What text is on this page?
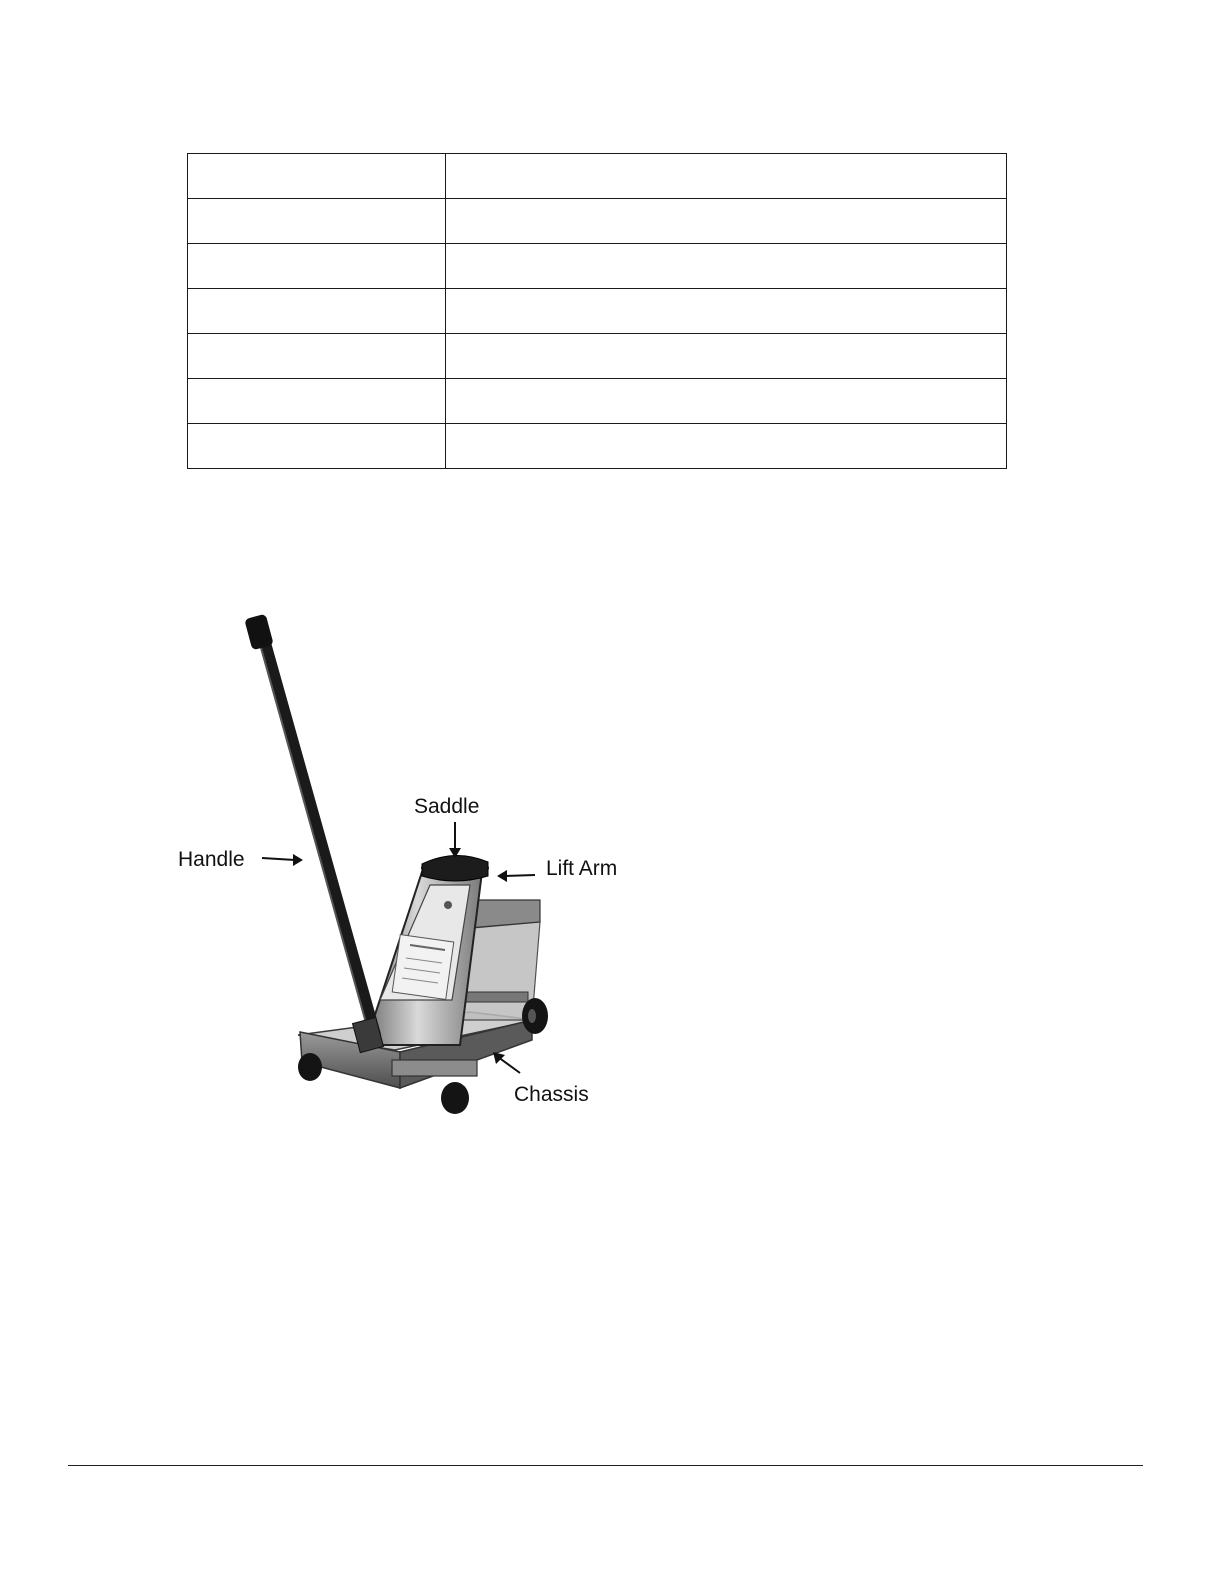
Saddle
Handle	Lift Arm
Chassis
